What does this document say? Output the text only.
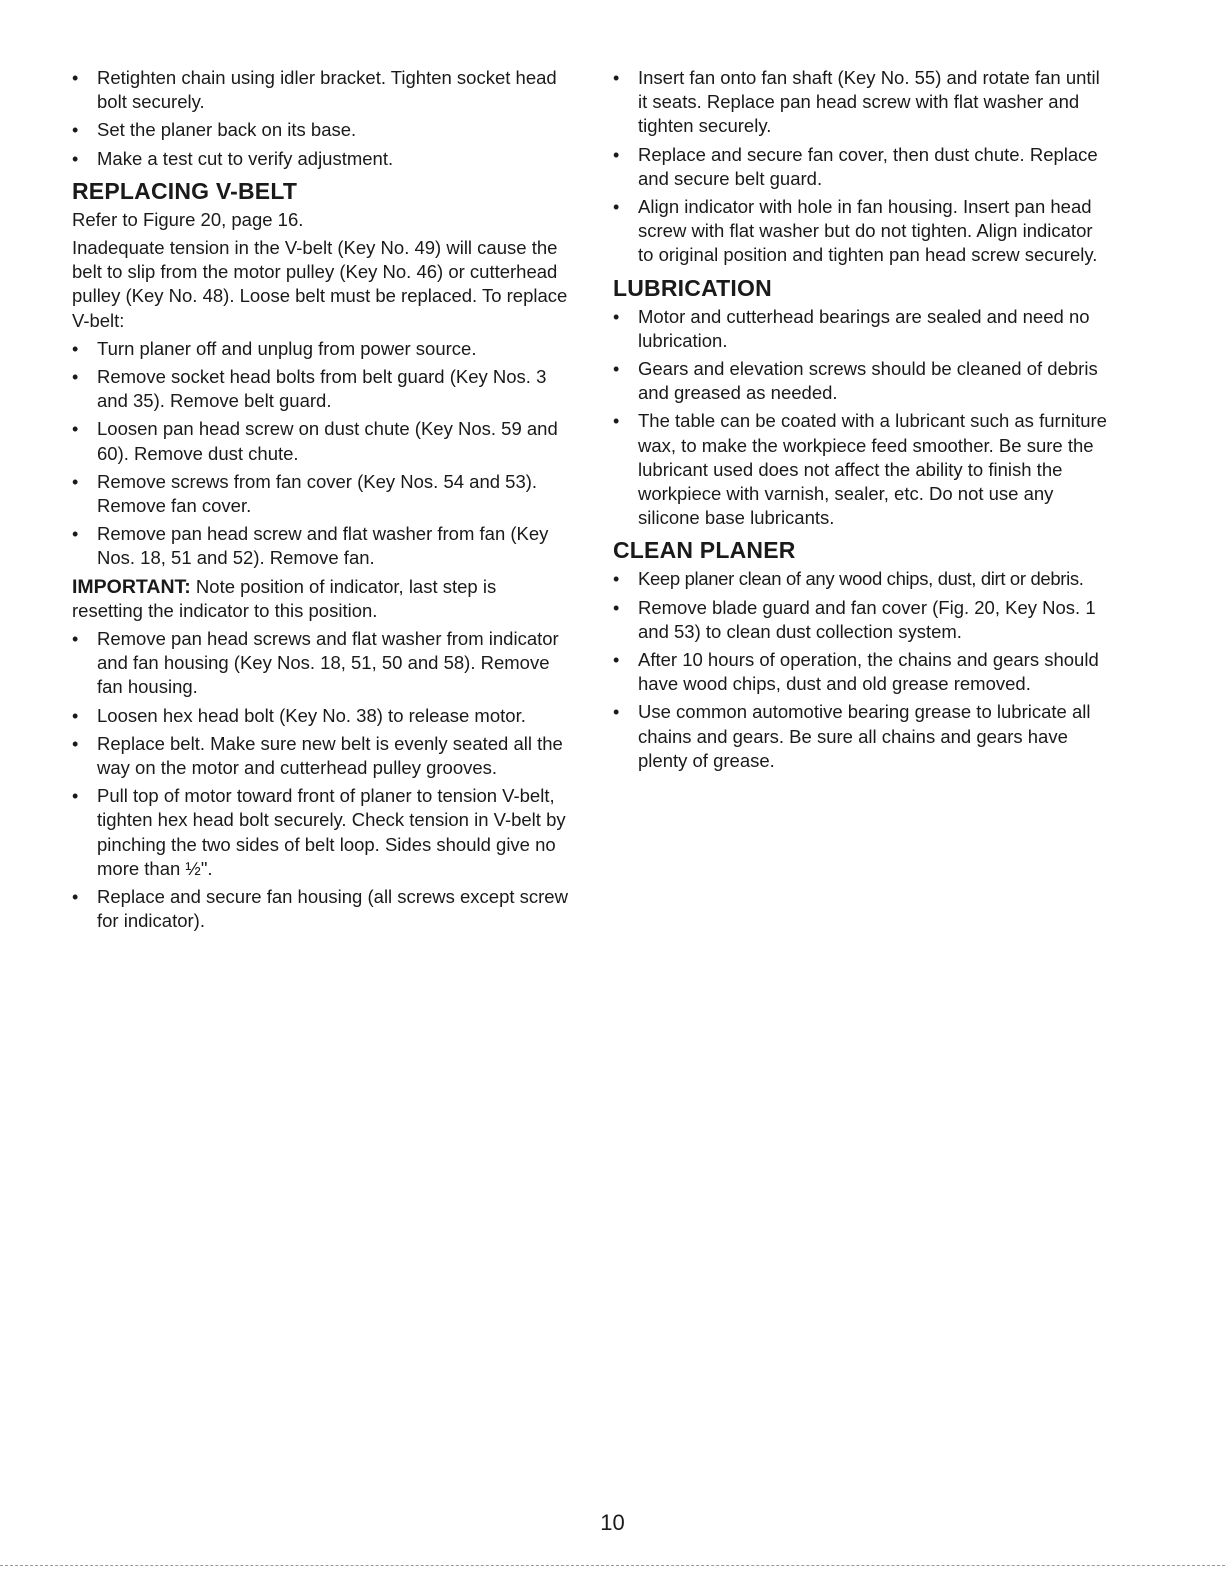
• Retighten chain using idler bracket. Tighten socket head bolt securely.
• Set the planer back on its base.
• Make a test cut to verify adjustment.
REPLACING V-BELT

Refer to Figure 20, page 16.

Inadequate tension in the V-belt (Key No. 49) will cause the belt to slip from the motor pulley (Key No. 46) or cutterhead pulley (Key No. 48). Loose belt must be replaced. To replace V-belt:

• Turn planer off and unplug from power source.
• Remove socket head bolts from belt guard (Key Nos. 3 and 35). Remove belt guard.
• Loosen pan head screw on dust chute (Key Nos. 59 and 60). Remove dust chute.
• Remove screws from fan cover (Key Nos. 54 and 53). Remove fan cover.
• Remove pan head screw and flat washer from fan (Key Nos. 18, 51 and 52). Remove fan.

IMPORTANT: Note position of indicator, last step is resetting the indicator to this position.

• Remove pan head screws and flat washer from indicator and fan housing (Key Nos. 18, 51, 50 and 58). Remove fan housing.
• Loosen hex head bolt (Key No. 38) to release motor.
• Replace belt. Make sure new belt is evenly seated all the way on the motor and cutterhead pulley grooves.
• Pull top of motor toward front of planer to tension V-belt, tighten hex head bolt securely. Check tension in V-belt by pinching the two sides of belt loop. Sides should give no more than ½".
• Replace and secure fan housing (all screws except screw for indicator).
• Insert fan onto fan shaft (Key No. 55) and rotate fan until it seats. Replace pan head screw with flat washer and tighten securely.
• Replace and secure fan cover, then dust chute. Replace and secure belt guard.
• Align indicator with hole in fan housing. Insert pan head screw with flat washer but do not tighten. Align indicator to original position and tighten pan head screw securely.
LUBRICATION
• Motor and cutterhead bearings are sealed and need no lubrication.
• Gears and elevation screws should be cleaned of debris and greased as needed.
• The table can be coated with a lubricant such as furniture wax, to make the workpiece feed smoother. Be sure the lubricant used does not affect the ability to finish the workpiece with varnish, sealer, etc. Do not use any silicone base lubricants.
CLEAN PLANER
• Keep planer clean of any wood chips, dust, dirt or debris.
• Remove blade guard and fan cover (Fig. 20, Key Nos. 1 and 53) to clean dust collection system.
• After 10 hours of operation, the chains and gears should have wood chips, dust and old grease removed.
• Use common automotive bearing grease to lubricate all chains and gears. Be sure all chains and gears have plenty of grease.
10
